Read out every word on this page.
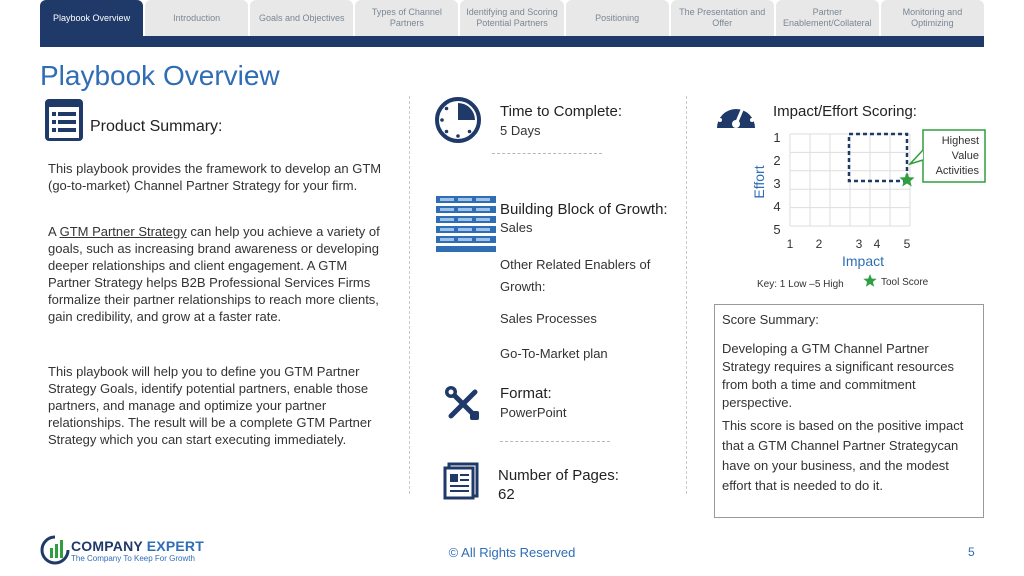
Playbook Overview	Introduction	Goals and Objectives
Types of Channel Partners
Identifying and Scoring Potential Partners
Positioning
The Presentation and Offer
Partner Enablement/Collateral
Monitoring and Optimizing
Playbook Overview
Product Summary:
This playbook provides the framework to develop an GTM (go-to-market) Channel Partner Strategy for your firm.
A GTM Partner Strategy can help you achieve a variety of goals, such as increasing brand awareness or developing deeper relationships and client engagement. A GTM Partner Strategy helps B2B Professional Services Firms formalize their partner relationships to reach more clients, gain credibility, and grow at a faster rate.
This playbook will help you to define you GTM Partner Strategy Goals, identify potential partners, enable those partners, and manage and optimize your partner relationships. The result will be a complete GTM Partner Strategy which you can start executing immediately.
Time to Complete:
5 Days
Building Block of Growth:
Sales
Other Related Enablers of Growth:
Sales Processes
Go-To-Market plan
Format:
PowerPoint
Number of Pages:
62
Impact/Effort Scoring:
1
2
3
4
5
1 2	3 4 5
Effort
Impact
Highest
Value
Activities
Key: 1 Low –5 High	Tool Score
Score Summary:
Developing a GTM Channel Partner Strategy requires a significant resources from both a time and commitment perspective.
This score is based on the positive impact that a GTM Channel Partner Strategycan have on your business, and the modest effort that is needed to do it.
COMPANY EXPERT
The Company To Keep For Growth	© All Rights Reserved	5
